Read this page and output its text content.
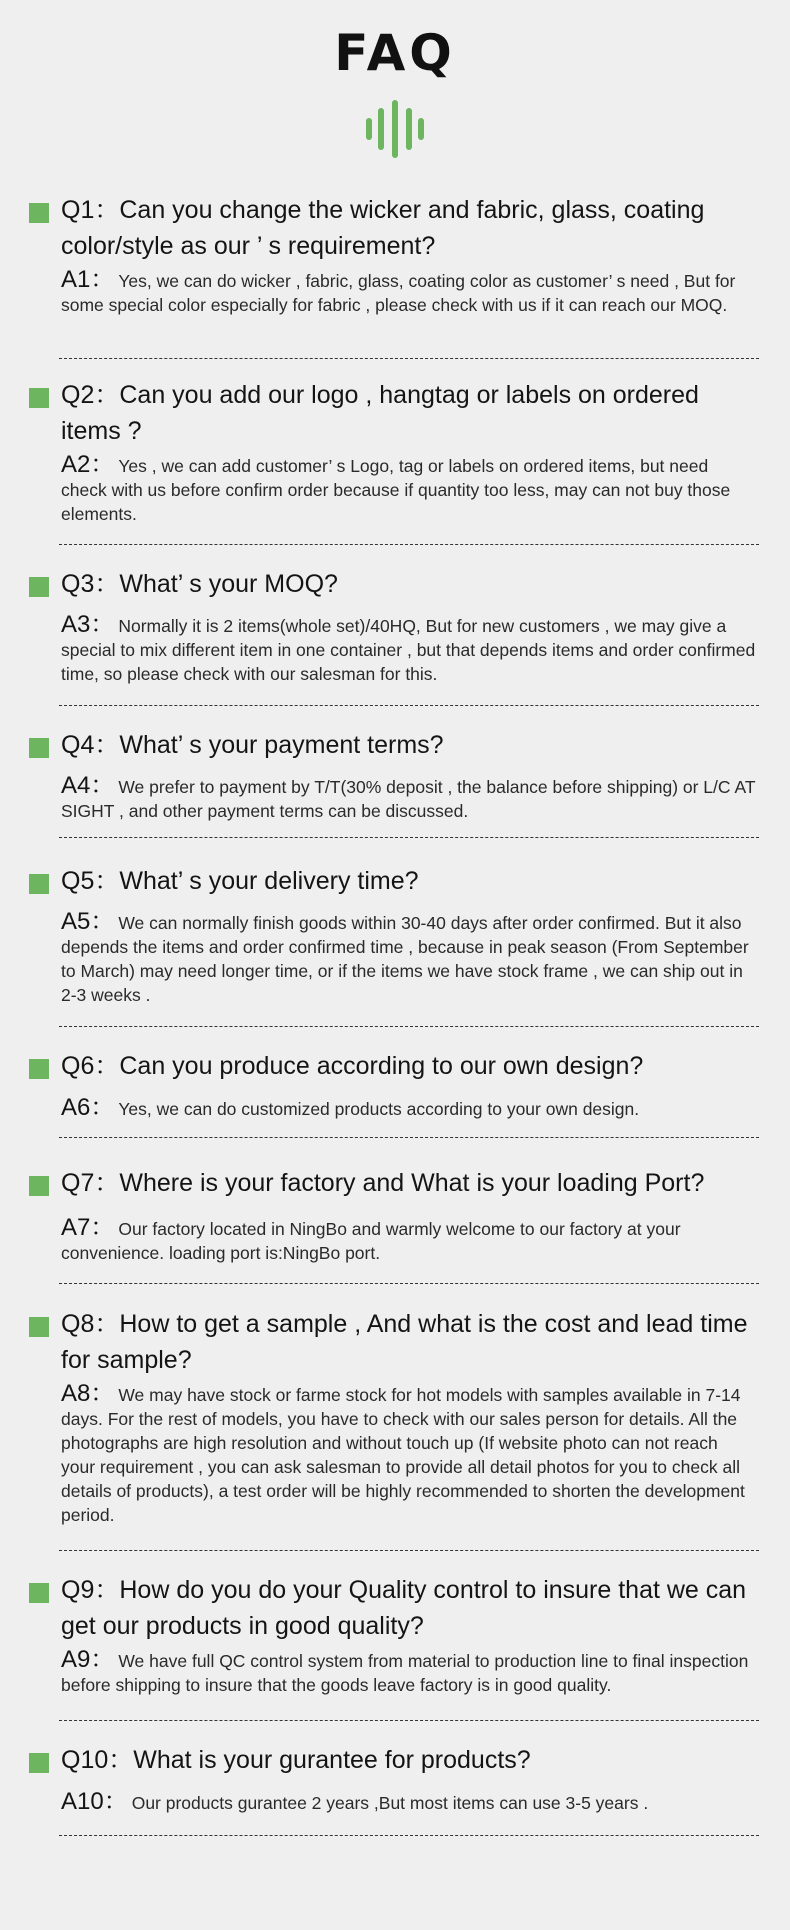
FAQ
Q1：Can you change the wicker and fabric, glass, coating color/style as our ’ s requirement?
A1： Yes, we can do wicker , fabric, glass, coating color as customer’ s need , But for some special color especially for fabric , please check with us if it can reach our MOQ.
Q2：Can you add our logo , hangtag or labels on ordered items ?
A2： Yes , we can add customer’ s Logo, tag or labels on ordered items, but need check with us before confirm order because if quantity too less, may can not buy those elements.
Q3：What’ s your MOQ?
A3： Normally it is 2 items(whole set)/40HQ, But for new customers , we may give a special to mix different item in one container , but that depends items and order confirmed time, so please check with our salesman for this.
Q4：What’ s your payment terms?
A4： We prefer to payment by T/T(30% deposit , the balance before shipping) or L/C AT SIGHT , and other payment terms can be discussed.
Q5：What’ s your delivery time?
A5： We can normally finish goods within 30-40 days after order confirmed. But it also depends the items and order confirmed time , because in peak season (From September to March) may need longer time, or if the items we have stock frame , we can ship out in 2-3 weeks .
Q6：Can you produce according to our own design?
A6： Yes, we can do customized products according to your own design.
Q7：Where is your factory and What is your loading Port?
A7： Our factory located in NingBo and warmly welcome to our factory at your convenience. loading port is:NingBo port.
Q8：How to get a sample , And what is the cost and lead time for sample?
A8： We may have stock or farme stock for hot models with samples available in 7-14 days. For the rest of models, you have to check with our sales person for details. All the photographs are high resolution and without touch up (If website photo can not reach your requirement , you can ask salesman to provide all detail photos for you to check all details of products), a test order will be highly recommended to shorten the development period.
Q9：How do you do your Quality control to insure that we can get our products in good quality?
A9： We have full QC control system from material to production line to final inspection before shipping to insure that the goods leave factory is in good quality.
Q10：What is your gurantee for products?
A10： Our products gurantee 2 years ,But most items can use 3-5 years .
